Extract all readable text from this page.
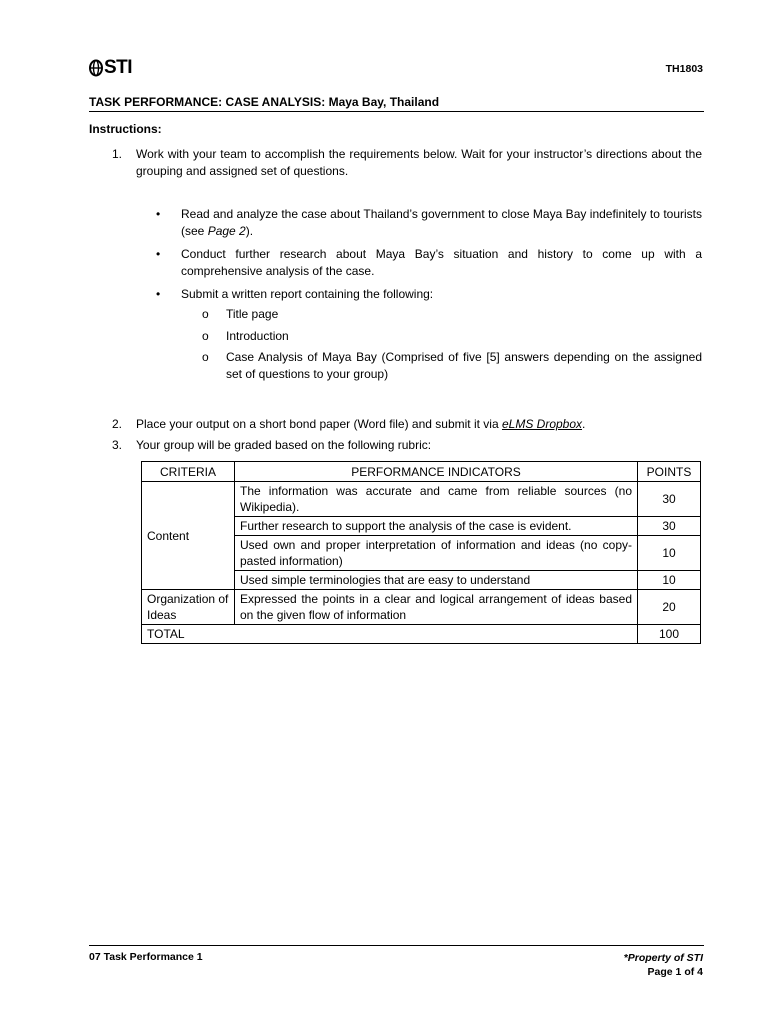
STI	TH1803
TASK PERFORMANCE: CASE ANALYSIS: Maya Bay, Thailand
Instructions:
1. Work with your team to accomplish the requirements below. Wait for your instructor’s directions about the grouping and assigned set of questions.
• Read and analyze the case about Thailand’s government to close Maya Bay indefinitely to tourists (see Page 2).
• Conduct further research about Maya Bay’s situation and history to come up with a comprehensive analysis of the case.
• Submit a written report containing the following:
o Title page
o Introduction
o Case Analysis of Maya Bay (Comprised of five [5] answers depending on the assigned set of questions to your group)
2. Place your output on a short bond paper (Word file) and submit it via eLMS Dropbox.
3. Your group will be graded based on the following rubric:
CRITERIA	PERFORMANCE INDICATORS	POINTS
Content	The information was accurate and came from reliable sources (no Wikipedia).	30
	Further research to support the analysis of the case is evident.	30
	Used own and proper interpretation of information and ideas (no copy-pasted information)	10
	Used simple terminologies that are easy to understand	10
Organization of Ideas	Expressed the points in a clear and logical arrangement of ideas based on the given flow of information	20
TOTAL		100
07 Task Performance 1	*Property of STI
Page 1 of 4
